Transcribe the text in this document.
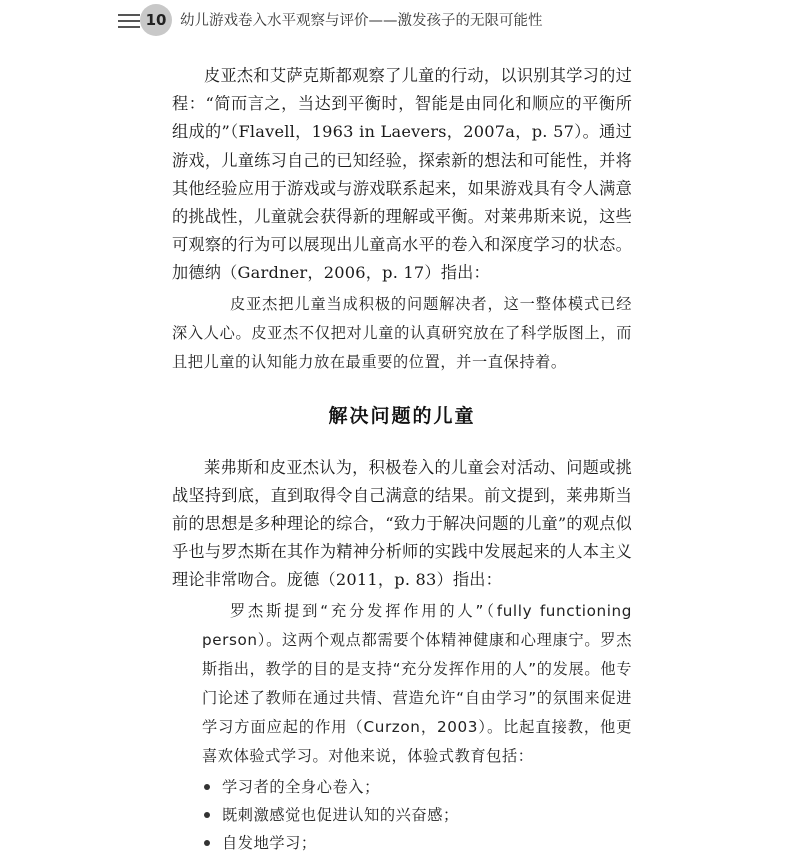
10 幼儿游戏卷入水平观察与评价——激发孩子的无限可能性

皮亚杰和艾萨克斯都观察了儿童的行动，以识别其学习的过程：“简而言之，当达到平衡时，智能是由同化和顺应的平衡所组成的”（Flavell，1963 in Laevers，2007a，p. 57）。通过游戏，儿童练习自己的已知经验，探索新的想法和可能性，并将其他经验应用于游戏或与游戏联系起来，如果游戏具有令人满意的挑战性，儿童就会获得新的理解或平衡。对莱弗斯来说，这些可观察的行为可以展现出儿童高水平的卷入和深度学习的状态。加德纳（Gardner，2006，p. 17）指出：

皮亚杰把儿童当成积极的问题解决者，这一整体模式已经深入人心。皮亚杰不仅把对儿童的认真研究放在了科学版图上，而且把儿童的认知能力放在最重要的位置，并一直保持着。
解决问题的儿童

莱弗斯和皮亚杰认为，积极卷入的儿童会对活动、问题或挑战坚持到底，直到取得令自己满意的结果。前文提到，莱弗斯当前的思想是多种理论的综合，“致力于解决问题的儿童”的观点似乎也与罗杰斯在其作为精神分析师的实践中发展起来的人本主义理论非常吻合。庞德（2011，p. 83）指出：

罗杰斯提到“充分发挥作用的人”（fully functioning person）。这两个观点都需要个体精神健康和心理康宁。罗杰斯指出，教学的目的是支持“充分发挥作用的人”的发展。他专门论述了教师在通过共情、营造允许“自由学习”的氛围来促进学习方面应起的作用（Curzon，2003）。比起直接教，他更喜欢体验式学习。对他来说，体验式教育包括：
学习者的全身心卷入；
既刺激感觉也促进认知的兴奋感；
自发地学习；
